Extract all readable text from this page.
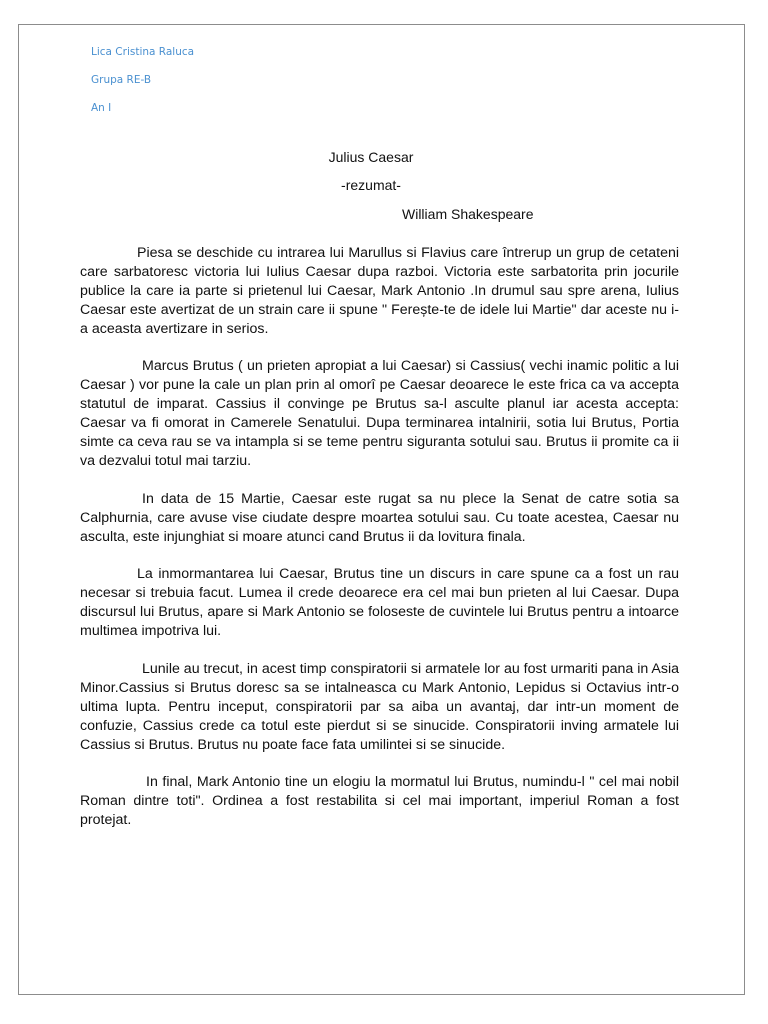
Lica Cristina Raluca
Grupa RE-B
An I
Julius Caesar
-rezumat-
William Shakespeare

Piesa se deschide cu intrarea lui Marullus si Flavius care întrerup un grup de cetateni care sarbatoresc victoria lui Iulius Caesar dupa razboi. Victoria este sarbatorita prin jocurile publice la care ia parte si prietenul lui Caesar, Mark Antonio .In drumul sau spre arena, Iulius Caesar este avertizat de un strain care ii spune " Ferește-te de idele lui Martie" dar aceste nu i-a aceasta avertizare in serios.

Marcus Brutus ( un prieten apropiat a lui Caesar) si Cassius( vechi inamic politic a lui Caesar ) vor pune la cale un plan prin al omorî pe Caesar deoarece le este frica ca va accepta statutul de imparat. Cassius il convinge pe Brutus sa-l asculte planul iar acesta accepta: Caesar va fi omorat in Camerele Senatului. Dupa terminarea intalnirii, sotia lui Brutus, Portia simte ca ceva rau se va intampla si se teme pentru siguranta sotului sau. Brutus ii promite ca ii va dezvalui totul mai tarziu.

In data de 15 Martie, Caesar este rugat sa nu plece la Senat de catre sotia sa Calphurnia, care avuse vise ciudate despre moartea sotului sau. Cu toate acestea, Caesar nu asculta, este injunghiat si moare atunci cand Brutus ii da lovitura finala.

La inmormantarea lui Caesar, Brutus tine un discurs in care spune ca a fost un rau necesar si trebuia facut. Lumea il crede deoarece era cel mai bun prieten al lui Caesar. Dupa discursul lui Brutus, apare si Mark Antonio se foloseste de cuvintele lui Brutus pentru a intoarce multimea impotriva lui.

Lunile au trecut, in acest timp conspiratorii si armatele lor au fost urmariti pana in Asia Minor.Cassius si Brutus doresc sa se intalneasca cu Mark Antonio, Lepidus si Octavius intr-o ultima lupta. Pentru inceput, conspiratorii par sa aiba un avantaj, dar intr-un moment de confuzie, Cassius crede ca totul este pierdut si se sinucide. Conspiratorii inving armatele lui Cassius si Brutus. Brutus nu poate face fata umilintei si se sinucide.

In final, Mark Antonio tine un elogiu la mormatul lui Brutus, numindu-l " cel mai nobil Roman dintre toti". Ordinea a fost restabilita si cel mai important, imperiul Roman a fost protejat.
